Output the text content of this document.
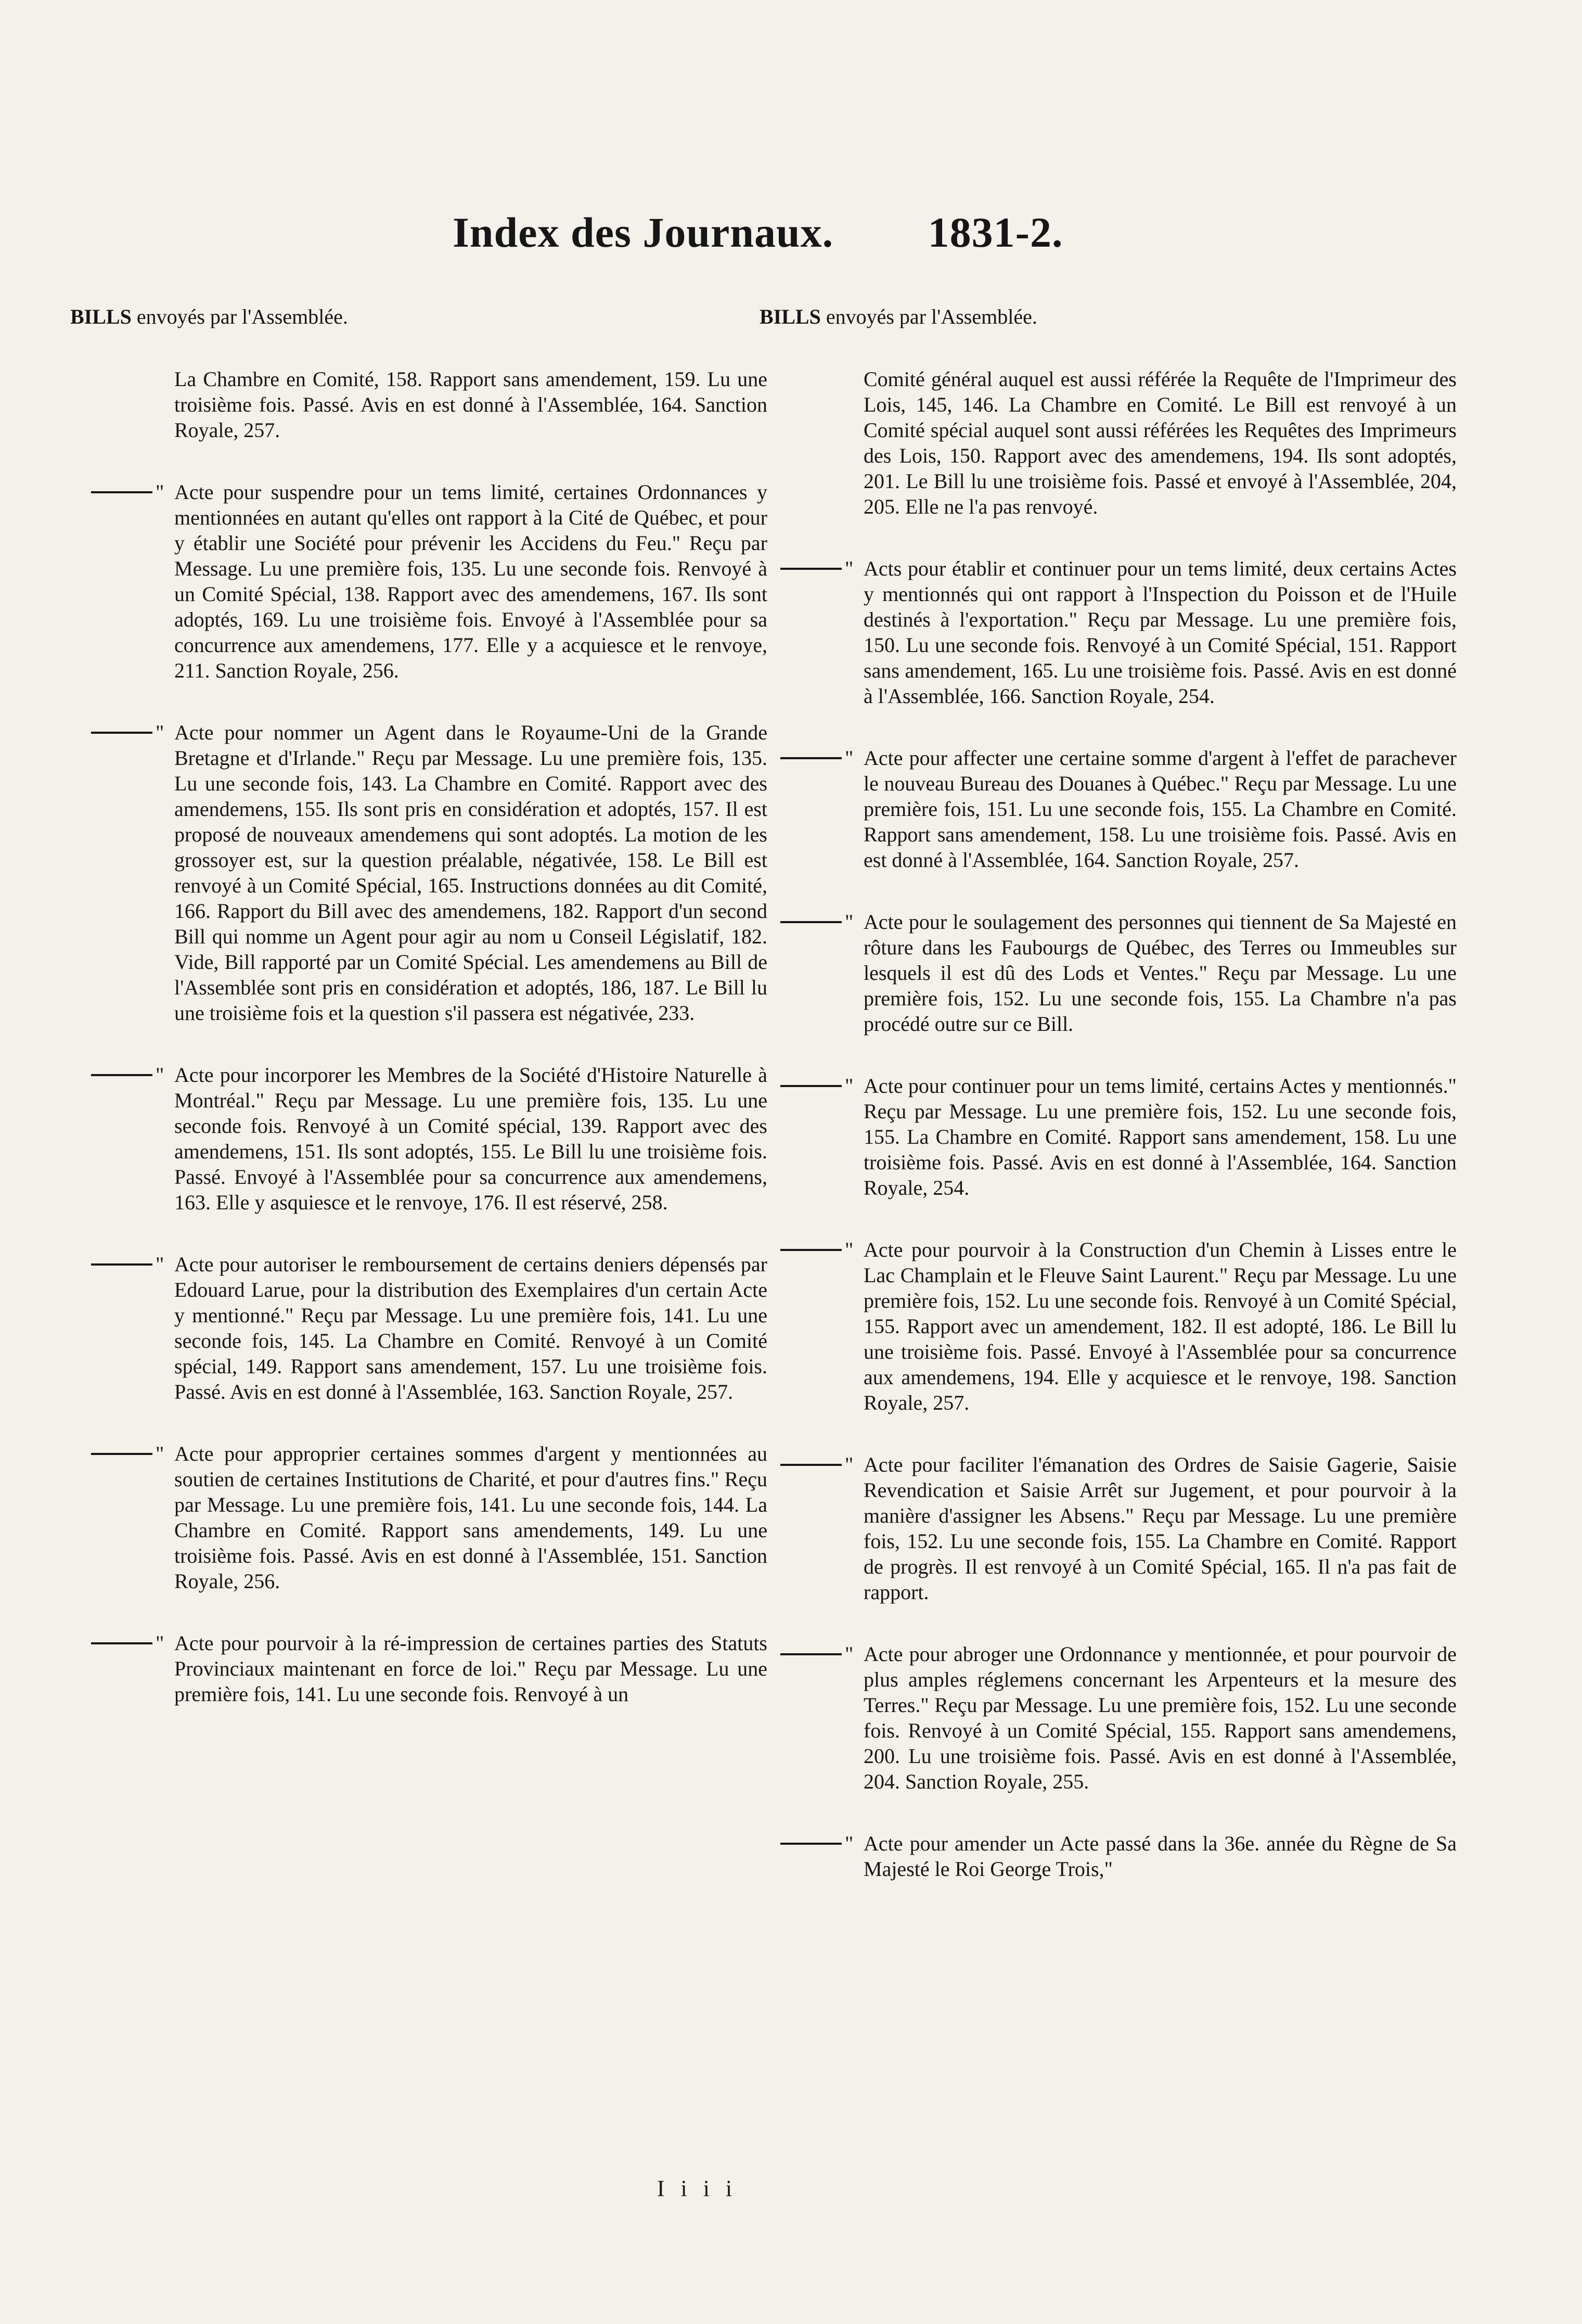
Index des Journaux. 1831-2.
BILLS envoyés par l'Assemblée.
La Chambre en Comité, 158. Rapport sans amendement, 159. Lu une troisième fois. Passé. Avis en est donné à l'Assemblée, 164. Sanction Royale, 257.
" Acte pour suspendre pour un tems limité, certaines Ordonnances y mentionnées en autant qu'elles ont rapport à la Cité de Québec, et pour y établir une Société pour prévenir les Accidens du Feu." Reçu par Message. Lu une première fois, 135. Lu une seconde fois. Renvoyé à un Comité Spécial, 138. Rapport avec des amendemens, 167. Ils sont adoptés, 169. Lu une troisième fois. Envoyé à l'Assemblée pour sa concurrence aux amendemens, 177. Elle y a acquiesce et le renvoye, 211. Sanction Royale, 256.
" Acte pour nommer un Agent dans le Royaume-Uni de la Grande Bretagne et d'Irlande." Reçu par Message. Lu une première fois, 135. Lu une seconde fois, 143. La Chambre en Comité. Rapport avec des amendemens, 155. Ils sont pris en considération et adoptés, 157. Il est proposé de nouveaux amendemens qui sont adoptés. La motion de les grossoyer est, sur la question préalable, négativée, 158. Le Bill est renvoyé à un Comité Spécial, 165. Instructions données au dit Comité, 166. Rapport du Bill avec des amendemens, 182. Rapport d'un second Bill qui nomme un Agent pour agir au nom u Conseil Législatif, 182. Vide, Bill rapporté par un Comité Spécial. Les amendemens au Bill de l'Assemblée sont pris en considération et adoptés, 186, 187. Le Bill lu une troisième fois et la question s'il passera est négativée, 233.
" Acte pour incorporer les Membres de la Société d'Histoire Naturelle à Montréal." Reçu par Message. Lu une première fois, 135. Lu une seconde fois. Renvoyé à un Comité spécial, 139. Rapport avec des amendemens, 151. Ils sont adoptés, 155. Le Bill lu une troisième fois. Passé. Envoyé à l'Assemblée pour sa concurrence aux amendemens, 163. Elle y asquiesce et le renvoye, 176. Il est réservé, 258.
" Acte pour autoriser le remboursement de certains deniers dépensés par Edouard Larue, pour la distribution des Exemplaires d'un certain Acte y mentionné." Reçu par Message. Lu une première fois, 141. Lu une seconde fois, 145. La Chambre en Comité. Renvoyé à un Comité spécial, 149. Rapport sans amendement, 157. Lu une troisième fois. Passé. Avis en est donné à l'Assemblée, 163. Sanction Royale, 257.
" Acte pour approprier certaines sommes d'argent y mentionnées au soutien de certaines Institutions de Charité, et pour d'autres fins." Reçu par Message. Lu une première fois, 141. Lu une seconde fois, 144. La Chambre en Comité. Rapport sans amendements, 149. Lu une troisième fois. Passé. Avis en est donné à l'Assemblée, 151. Sanction Royale, 256.
" Acte pour pourvoir à la ré-impression de certaines parties des Statuts Provinciaux maintenant en force de loi." Reçu par Message. Lu une première fois, 141. Lu une seconde fois. Renvoyé à un
BILLS envoyés par l'Assemblée.
Comité général auquel est aussi référée la Requête de l'Imprimeur des Lois, 145, 146. La Chambre en Comité. Le Bill est renvoyé à un Comité spécial auquel sont aussi référées les Requêtes des Imprimeurs des Lois, 150. Rapport avec des amendemens, 194. Ils sont adoptés, 201. Le Bill lu une troisième fois. Passé et envoyé à l'Assemblée, 204, 205. Elle ne l'a pas renvoyé.
" Acts pour établir et continuer pour un tems limité, deux certains Actes y mentionnés qui ont rapport à l'Inspection du Poisson et de l'Huile destinés à l'exportation." Reçu par Message. Lu une première fois, 150. Lu une seconde fois. Renvoyé à un Comité Spécial, 151. Rapport sans amendement, 165. Lu une troisième fois. Passé. Avis en est donné à l'Assemblée, 166. Sanction Royale, 254.
" Acte pour affecter une certaine somme d'argent à l'effet de parachever le nouveau Bureau des Douanes à Québec." Reçu par Message. Lu une première fois, 151. Lu une seconde fois, 155. La Chambre en Comité. Rapport sans amendement, 158. Lu une troisième fois. Passé. Avis en est donné à l'Assemblée, 164. Sanction Royale, 257.
" Acte pour le soulagement des personnes qui tiennent de Sa Majesté en rôture dans les Faubourgs de Québec, des Terres ou Immeubles sur lesquels il est dû des Lods et Ventes." Reçu par Message. Lu une première fois, 152. Lu une seconde fois, 155. La Chambre n'a pas procédé outre sur ce Bill.
" Acte pour continuer pour un tems limité, certains Actes y mentionnés." Reçu par Message. Lu une première fois, 152. Lu une seconde fois, 155. La Chambre en Comité. Rapport sans amendement, 158. Lu une troisième fois. Passé. Avis en est donné à l'Assemblée, 164. Sanction Royale, 254.
" Acte pour pourvoir à la Construction d'un Chemin à Lisses entre le Lac Champlain et le Fleuve Saint Laurent." Reçu par Message. Lu une première fois, 152. Lu une seconde fois. Renvoyé à un Comité Spécial, 155. Rapport avec un amendement, 182. Il est adopté, 186. Le Bill lu une troisième fois. Passé. Envoyé à l'Assemblée pour sa concurrence aux amendemens, 194. Elle y acquiesce et le renvoye, 198. Sanction Royale, 257.
" Acte pour faciliter l'émanation des Ordres de Saisie Gagerie, Saisie Revendication et Saisie Arrêt sur Jugement, et pour pourvoir à la manière d'assigner les Absens." Reçu par Message. Lu une première fois, 152. Lu une seconde fois, 155. La Chambre en Comité. Rapport de progrès. Il est renvoyé à un Comité Spécial, 165. Il n'a pas fait de rapport.
" Acte pour abroger une Ordonnance y mentionnée, et pour pourvoir de plus amples réglemens concernant les Arpenteurs et la mesure des Terres." Reçu par Message. Lu une première fois, 152. Lu une seconde fois. Renvoyé à un Comité Spécial, 155. Rapport sans amendemens, 200. Lu une troisième fois. Passé. Avis en est donné à l'Assemblée, 204. Sanction Royale, 255.
" Acte pour amender un Acte passé dans la 36e. année du Règne de Sa Majesté le Roi George Trois,"
I i i i
